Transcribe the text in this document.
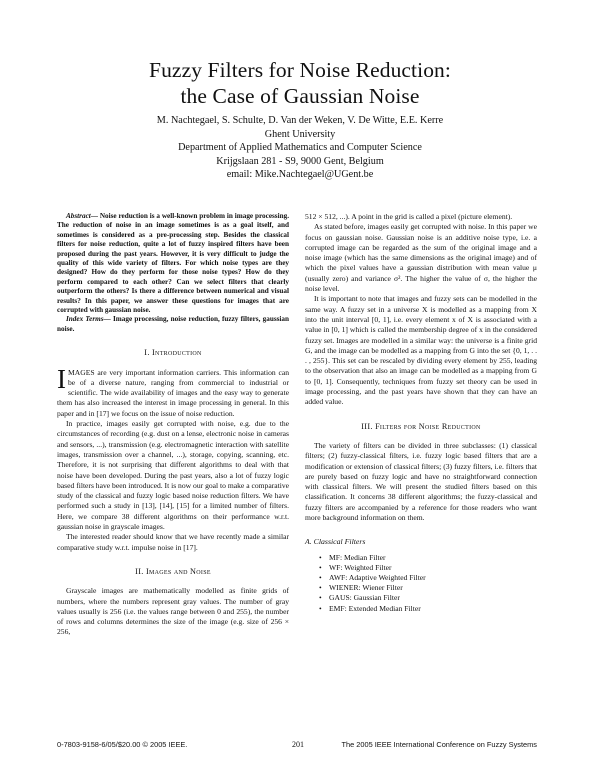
Fuzzy Filters for Noise Reduction:
the Case of Gaussian Noise
M. Nachtegael, S. Schulte, D. Van der Weken, V. De Witte, E.E. Kerre
Ghent University
Department of Applied Mathematics and Computer Science
Krijgslaan 281 - S9, 9000 Gent, Belgium
email: Mike.Nachtegael@UGent.be

Abstract— Noise reduction is a well-known problem in image processing. The reduction of noise in an image sometimes is as a goal itself, and sometimes is considered as a pre-processing step. Besides the classical filters for noise reduction, quite a lot of fuzzy inspired filters have been proposed during the past years. However, it is very difficult to judge the quality of this wide variety of filters. For which noise types are they designed? How do they perform for those noise types? How do they perform compared to each other? Can we select filters that clearly outperform the others? Is there a difference between numerical and visual results? In this paper, we answer these questions for images that are corrupted with gaussian noise.

Index Terms— Image processing, noise reduction, fuzzy filters, gaussian noise.

I. Introduction

IMAGES are very important information carriers. This information can be of a diverse nature, ranging from commercial to industrial or scientific. The wide availability of images and the easy way to generate them has also increased the interest in image processing in general. In this paper and in [17] we focus on the issue of noise reduction.

In practice, images easily get corrupted with noise, e.g. due to the circumstances of recording (e.g. dust on a lense, electronic noise in cameras and sensors, ...), transmission (e.g. electromagnetic interaction with satellite images, transmission over a channel, ...), storage, copying, scanning, etc. Therefore, it is not surprising that different algorithms to deal with that noise have been developed. During the past years, also a lot of fuzzy logic based filters have been introduced. It is now our goal to make a comparative study of the classical and fuzzy logic based noise reduction filters. We have performed such a study in [13], [14], [15] for a limited number of filters. Here, we compare 38 different algorithms on their performance w.r.t. gaussian noise in grayscale images.

The interested reader should know that we have recently made a similar comparative study w.r.t. impulse noise in [17].

II. Images and Noise

Grayscale images are mathematically modelled as finite grids of numbers, where the numbers represent gray values. The number of gray values usually is 256 (i.e. the values range between 0 and 255), the number of rows and columns determines the size of the image (e.g. size of 256 × 256,

512 × 512, ...). A point in the grid is called a pixel (picture element).

As stated before, images easily get corrupted with noise. In this paper we focus on gaussian noise. Gaussian noise is an additive noise type, i.e. a corrupted image can be regarded as the sum of the original image and a noise image (which has the same dimensions as the original image) and of which the pixel values have a gaussian distribution with mean value μ (usually zero) and variance σ². The higher the value of σ, the higher the noise level.

It is important to note that images and fuzzy sets can be modelled in the same way. A fuzzy set in a universe X is modelled as a mapping from X into the unit interval [0, 1], i.e. every element x of X is associated with a value in [0, 1] which is called the membership degree of x in the considered fuzzy set. Images are modelled in a similar way: the universe is a finite grid G, and the image can be modelled as a mapping from G into the set {0, 1, . . . , 255}. This set can be rescaled by dividing every element by 255, leading to the observation that also an image can be modelled as a mapping from G to [0, 1]. Consequently, techniques from fuzzy set theory can be used in image processing, and the past years have shown that they can have an added value.

III. Filters for Noise Reduction

The variety of filters can be divided in three subclasses: (1) classical filters; (2) fuzzy-classical filters, i.e. fuzzy logic based filters that are a modification or extension of classical filters; (3) fuzzy filters, i.e. filters that are purely based on fuzzy logic and have no straightforward connection with classical filters. We will present the studied filters based on this classification. It concerns 38 different algorithms; the fuzzy-classical and fuzzy filters are accompanied by a reference for those readers who want more background information on them.

A. Classical Filters
• MF: Median Filter
• WF: Weighted Filter
• AWF: Adaptive Weighted Filter
• WIENER: Wiener Filter
• GAUS: Gaussian Filter
• EMF: Extended Median Filter
0-7803-9158-6/05/$20.00 © 2005 IEEE.	201	The 2005 IEEE International Conference on Fuzzy Systems
